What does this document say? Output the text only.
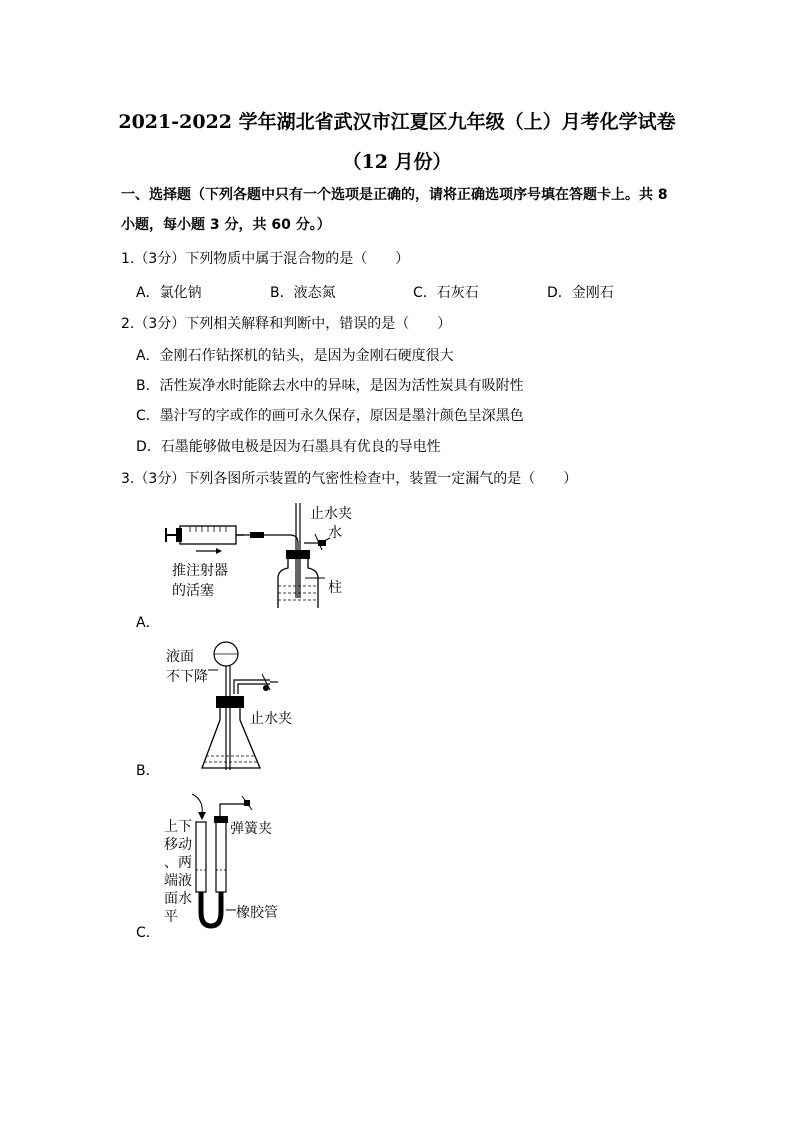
2021-2022 学年湖北省武汉市江夏区九年级（上）月考化学试卷
（12 月份）
一、选择题（下列各题中只有一个选项是正确的，请将正确选项序号填在答题卡上。共 8 小题，每小题 3 分，共 60 分。）
1.（3分）下列物质中属于混合物的是（　　）
A．氯化钠	B．液态氮	C．石灰石	D．金刚石
2.（3分）下列相关解释和判断中，错误的是（　　）
A．金刚石作钻探机的钻头，是因为金刚石硬度很大
B．活性炭净水时能除去水中的异味，是因为活性炭具有吸附性
C．墨汁写的字或作的画可永久保存，原因是墨汁颜色呈深黑色
D．石墨能够做电极是因为石墨具有优良的导电性
3.（3分）下列各图所示装置的气密性检查中，装置一定漏气的是（　　）
止水夹
水
柱
推注射器
的活塞
A．
液面
不下降
止水夹
B．
上下
移动
、两
端液
面水
平
弹簧夹
橡胶管
C．
